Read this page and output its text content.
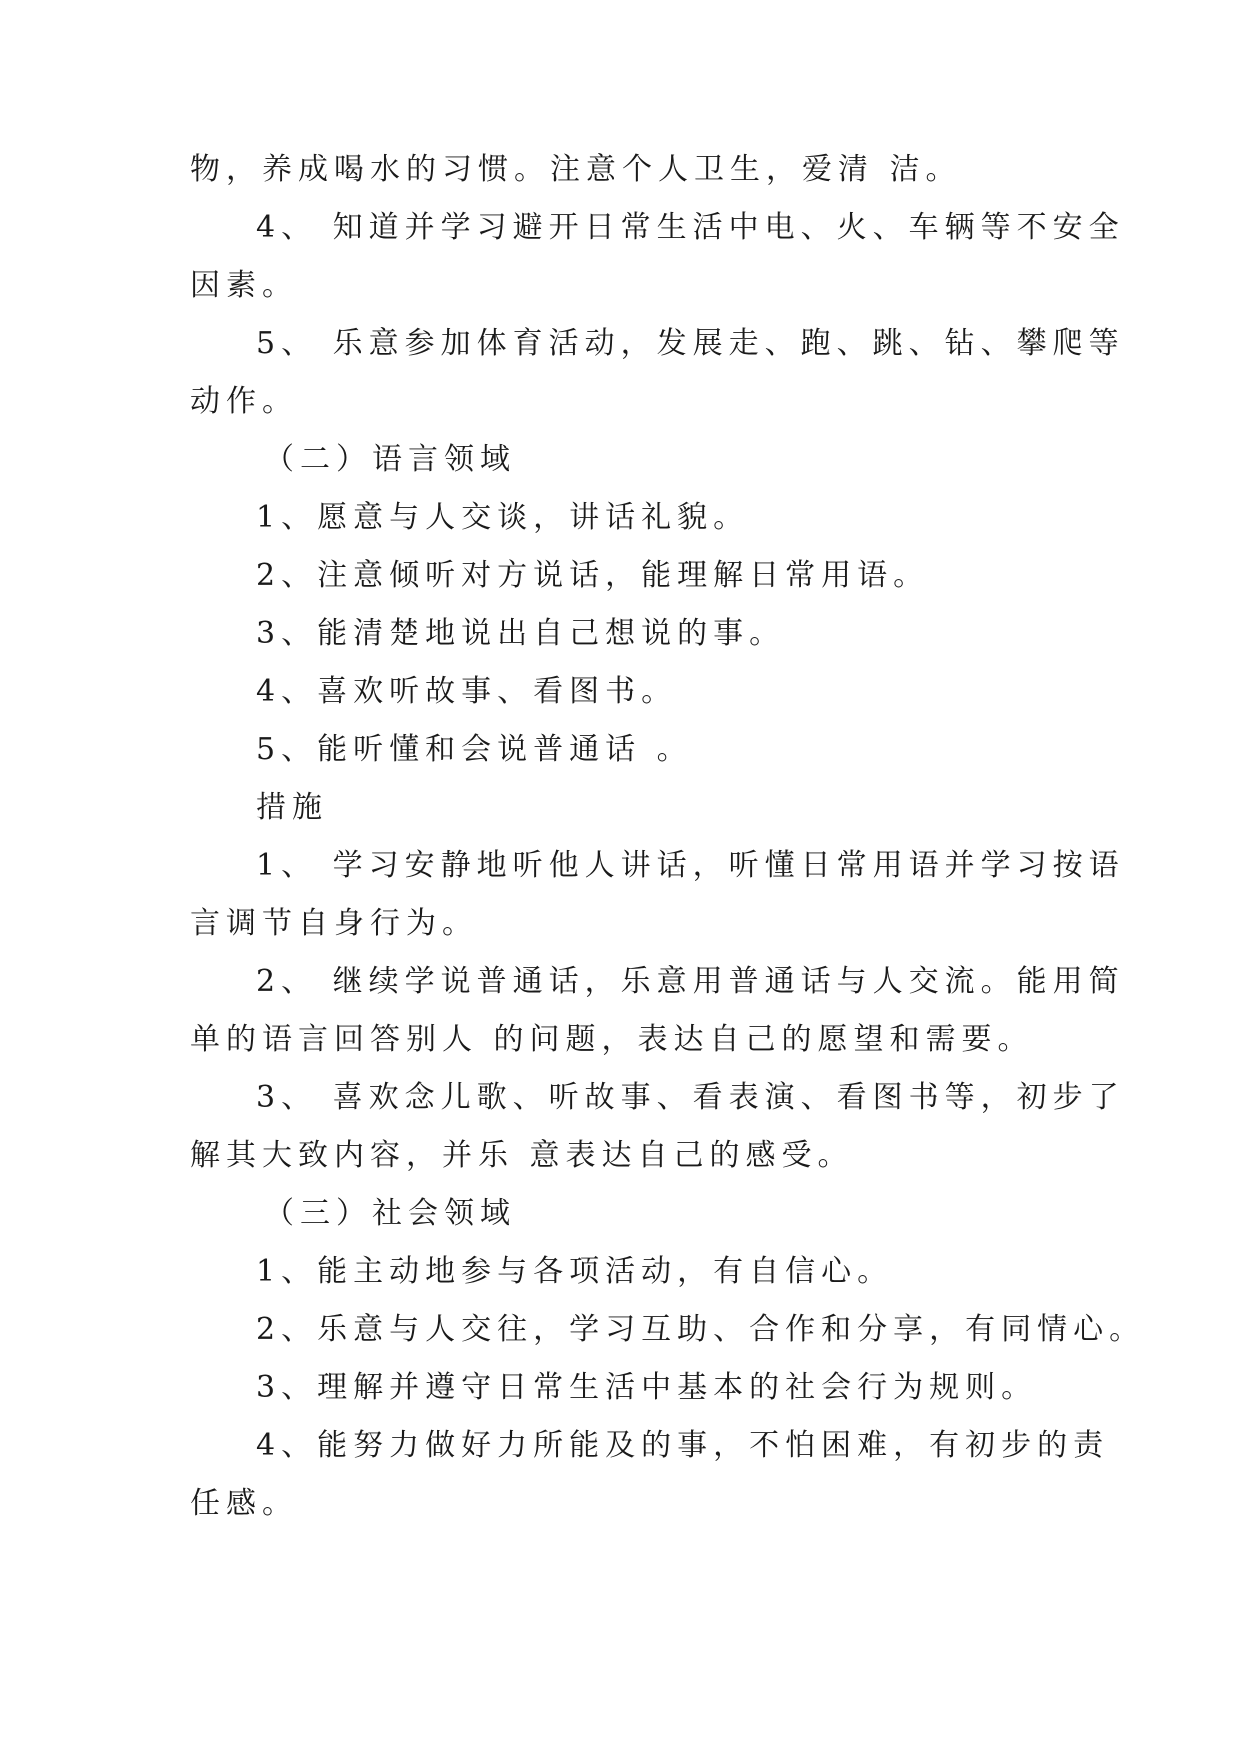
物，养成喝水的习惯。注意个人卫生，爱清 洁。
4、 知道并学习避开日常生活中电、火、车辆等不安全
因素。
5、 乐意参加体育活动，发展走、跑、跳、钻、攀爬等
动作。
（二）语言领域
1、愿意与人交谈，讲话礼貌。
2、注意倾听对方说话，能理解日常用语。
3、能清楚地说出自己想说的事。
4、喜欢听故事、看图书。
5、能听懂和会说普通话 。
措施
1、 学习安静地听他人讲话，听懂日常用语并学习按语
言调节自身行为。
2、 继续学说普通话，乐意用普通话与人交流。能用简
单的语言回答别人 的问题，表达自己的愿望和需要。
3、 喜欢念儿歌、听故事、看表演、看图书等，初步了
解其大致内容，并乐 意表达自己的感受。
（三）社会领域
1、能主动地参与各项活动，有自信心。
2、乐意与人交往，学习互助、合作和分享，有同情心。
3、理解并遵守日常生活中基本的社会行为规则。
4、能努力做好力所能及的事，不怕困难，有初步的责
任感。
